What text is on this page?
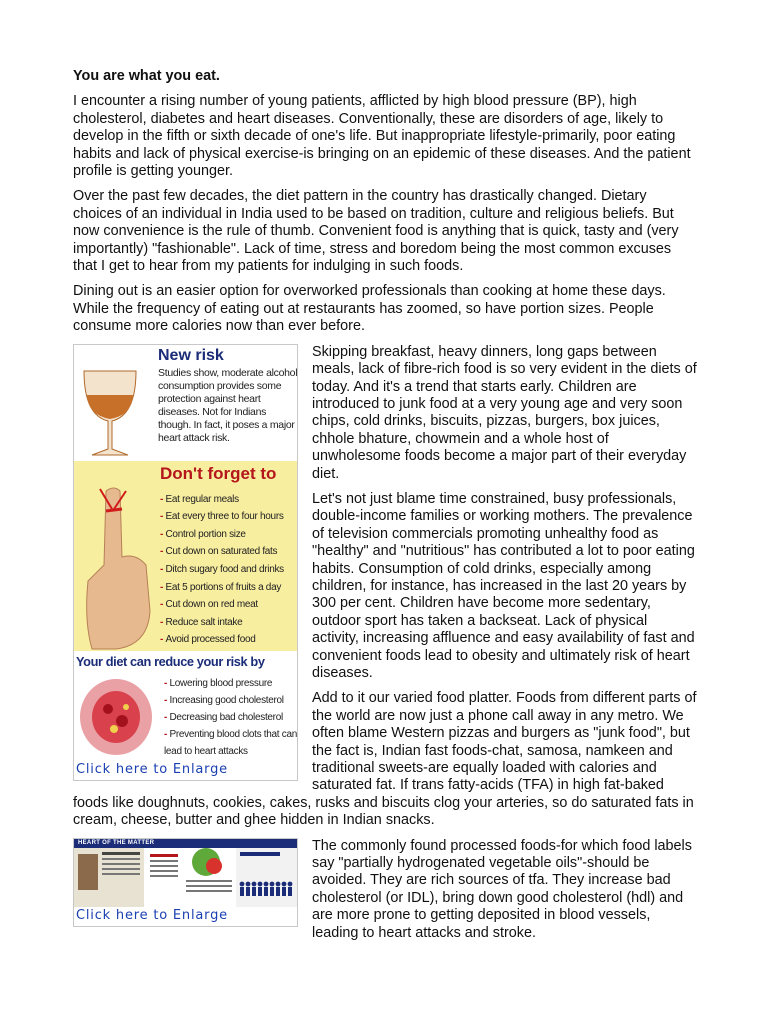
You are what you eat.

I encounter a rising number of young patients, afflicted by high blood pressure (BP), high cholesterol, diabetes and heart diseases. Conventionally, these are disorders of age, likely to develop in the fifth or sixth decade of one's life. But inappropriate lifestyle-primarily, poor eating habits and lack of physical exercise-is bringing on an epidemic of these diseases. And the patient profile is getting younger.

Over the past few decades, the diet pattern in the country has drastically changed. Dietary choices of an individual in India used to be based on tradition, culture and religious beliefs. But now convenience is the rule of thumb. Convenient food is anything that is quick, tasty and (very importantly) "fashionable". Lack of time, stress and boredom being the most common excuses that I get to hear from my patients for indulging in such foods.

Dining out is an easier option for overworked professionals than cooking at home these days. While the frequency of eating out at restaurants has zoomed, so have portion sizes. People consume more calories now than ever before.

New risk
Studies show, moderate alcohol consumption provides some protection against heart diseases. Not for Indians though. In fact, it poses a major heart attack risk.
Don't forget to
- Eat regular meals
- Eat every three to four hours
- Control portion size
- Cut down on saturated fats
- Ditch sugary food and drinks
- Eat 5 portions of fruits a day
- Cut down on red meat
- Reduce salt intake
- Avoid processed food
Your diet can reduce your risk by
- Lowering blood pressure
- Increasing good cholesterol
- Decreasing bad cholesterol
- Preventing blood clots that can lead to heart attacks
Click here to Enlarge

Skipping breakfast, heavy dinners, long gaps between meals, lack of fibre-rich food is so very evident in the diets of today. And it's a trend that starts early. Children are introduced to junk food at a very young age and very soon chips, cold drinks, biscuits, pizzas, burgers, box juices, chhole bhature, chowmein and a whole host of unwholesome foods become a major part of their everyday diet.

Let's not just blame time constrained, busy professionals, double-income families or working mothers. The prevalence of television commercials promoting unhealthy food as "healthy" and "nutritious" has contributed a lot to poor eating habits. Consumption of cold drinks, especially among children, for instance, has increased in the last 20 years by 300 per cent. Children have become more sedentary, outdoor sport has taken a backseat. Lack of physical activity, increasing affluence and easy availability of fast and convenient foods lead to obesity and ultimately risk of heart diseases.

Add to it our varied food platter. Foods from different parts of the world are now just a phone call away in any metro. We often blame Western pizzas and burgers as "junk food", but the fact is, Indian fast foods-chat, samosa, namkeen and traditional sweets-are equally loaded with calories and saturated fat. If trans fatty-acids (TFA) in high fat-baked foods like doughnuts, cookies, cakes, rusks and biscuits clog your arteries, so do saturated fats in cream, cheese, butter and ghee hidden in Indian snacks.

HEART OF THE MATTER
Click here to Enlarge

The commonly found processed foods-for which food labels say "partially hydrogenated vegetable oils"-should be avoided. They are rich sources of tfa. They increase bad cholesterol (or IDL), bring down good cholesterol (hdl) and are more prone to getting deposited in blood vessels, leading to heart attacks and stroke.
